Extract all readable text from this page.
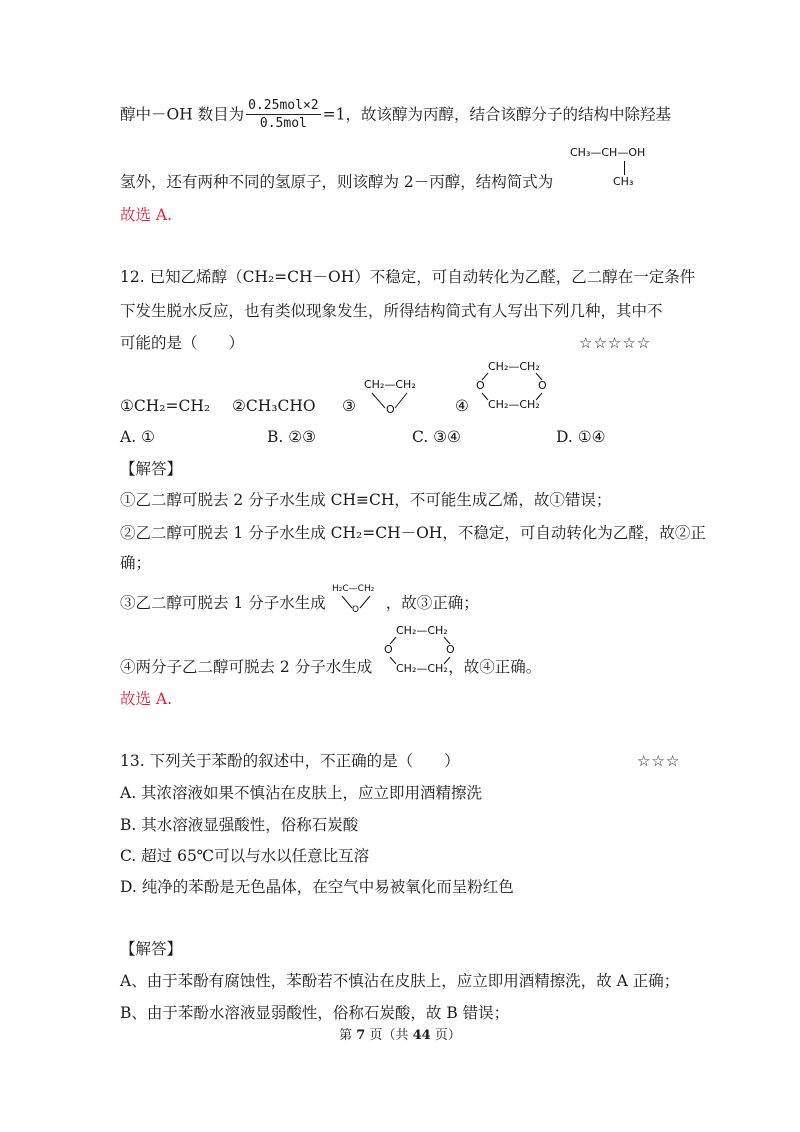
醇中－OH 数目为 $\frac{\text{0.25mol×2}}{\text{0.5mol}} =1$，故该醇为丙醇，结合该醇分子的结构中除羟基
CH₃—CH—OH
CH₃
氢外，还有两种不同的氢原子，则该醇为 2－丙醇，结构简式为
故选 A.
12. 已知乙烯醇（CH₂=CH－OH）不稳定，可自动转化为乙醛，乙二醇在一定条件
下发生脱水反应，也有类似现象发生，所得结构简式有人写出下列几种，其中不
可能的是（　　）	☆☆☆☆☆
①CH₂=CH₂ ②CH₃CHO ③
CH₂—CH₂
O	④
CH₂—CH₂
O	O
CH₂—CH₂
A. ①	B. ②③	C. ③④	D. ①④
【解答】
①乙二醇可脱去 2 分子水生成 CH≡CH，不可能生成乙烯，故①错误；
②乙二醇可脱去 1 分子水生成 CH₂=CH－OH，不稳定，可自动转化为乙醛，故②正
确；
③乙二醇可脱去 1 分子水生成	，故③正确；
H₂C—CH₂
O
④两分子乙二醇可脱去 2 分子水生成	，故④正确。
CH₂—CH₂
O	O
CH₂—CH₂
故选 A.
13. 下列关于苯酚的叙述中，不正确的是（　　）	☆☆☆
A. 其浓溶液如果不慎沾在皮肤上，应立即用酒精擦洗
B. 其水溶液显强酸性，俗称石炭酸
C. 超过 65℃可以与水以任意比互溶
D. 纯净的苯酚是无色晶体，在空气中易被氧化而呈粉红色
【解答】
A、由于苯酚有腐蚀性，苯酚若不慎沾在皮肤上，应立即用酒精擦洗，故 A 正确；
B、由于苯酚水溶液显弱酸性，俗称石炭酸，故 B 错误；
第 7 页（共 44 页）
